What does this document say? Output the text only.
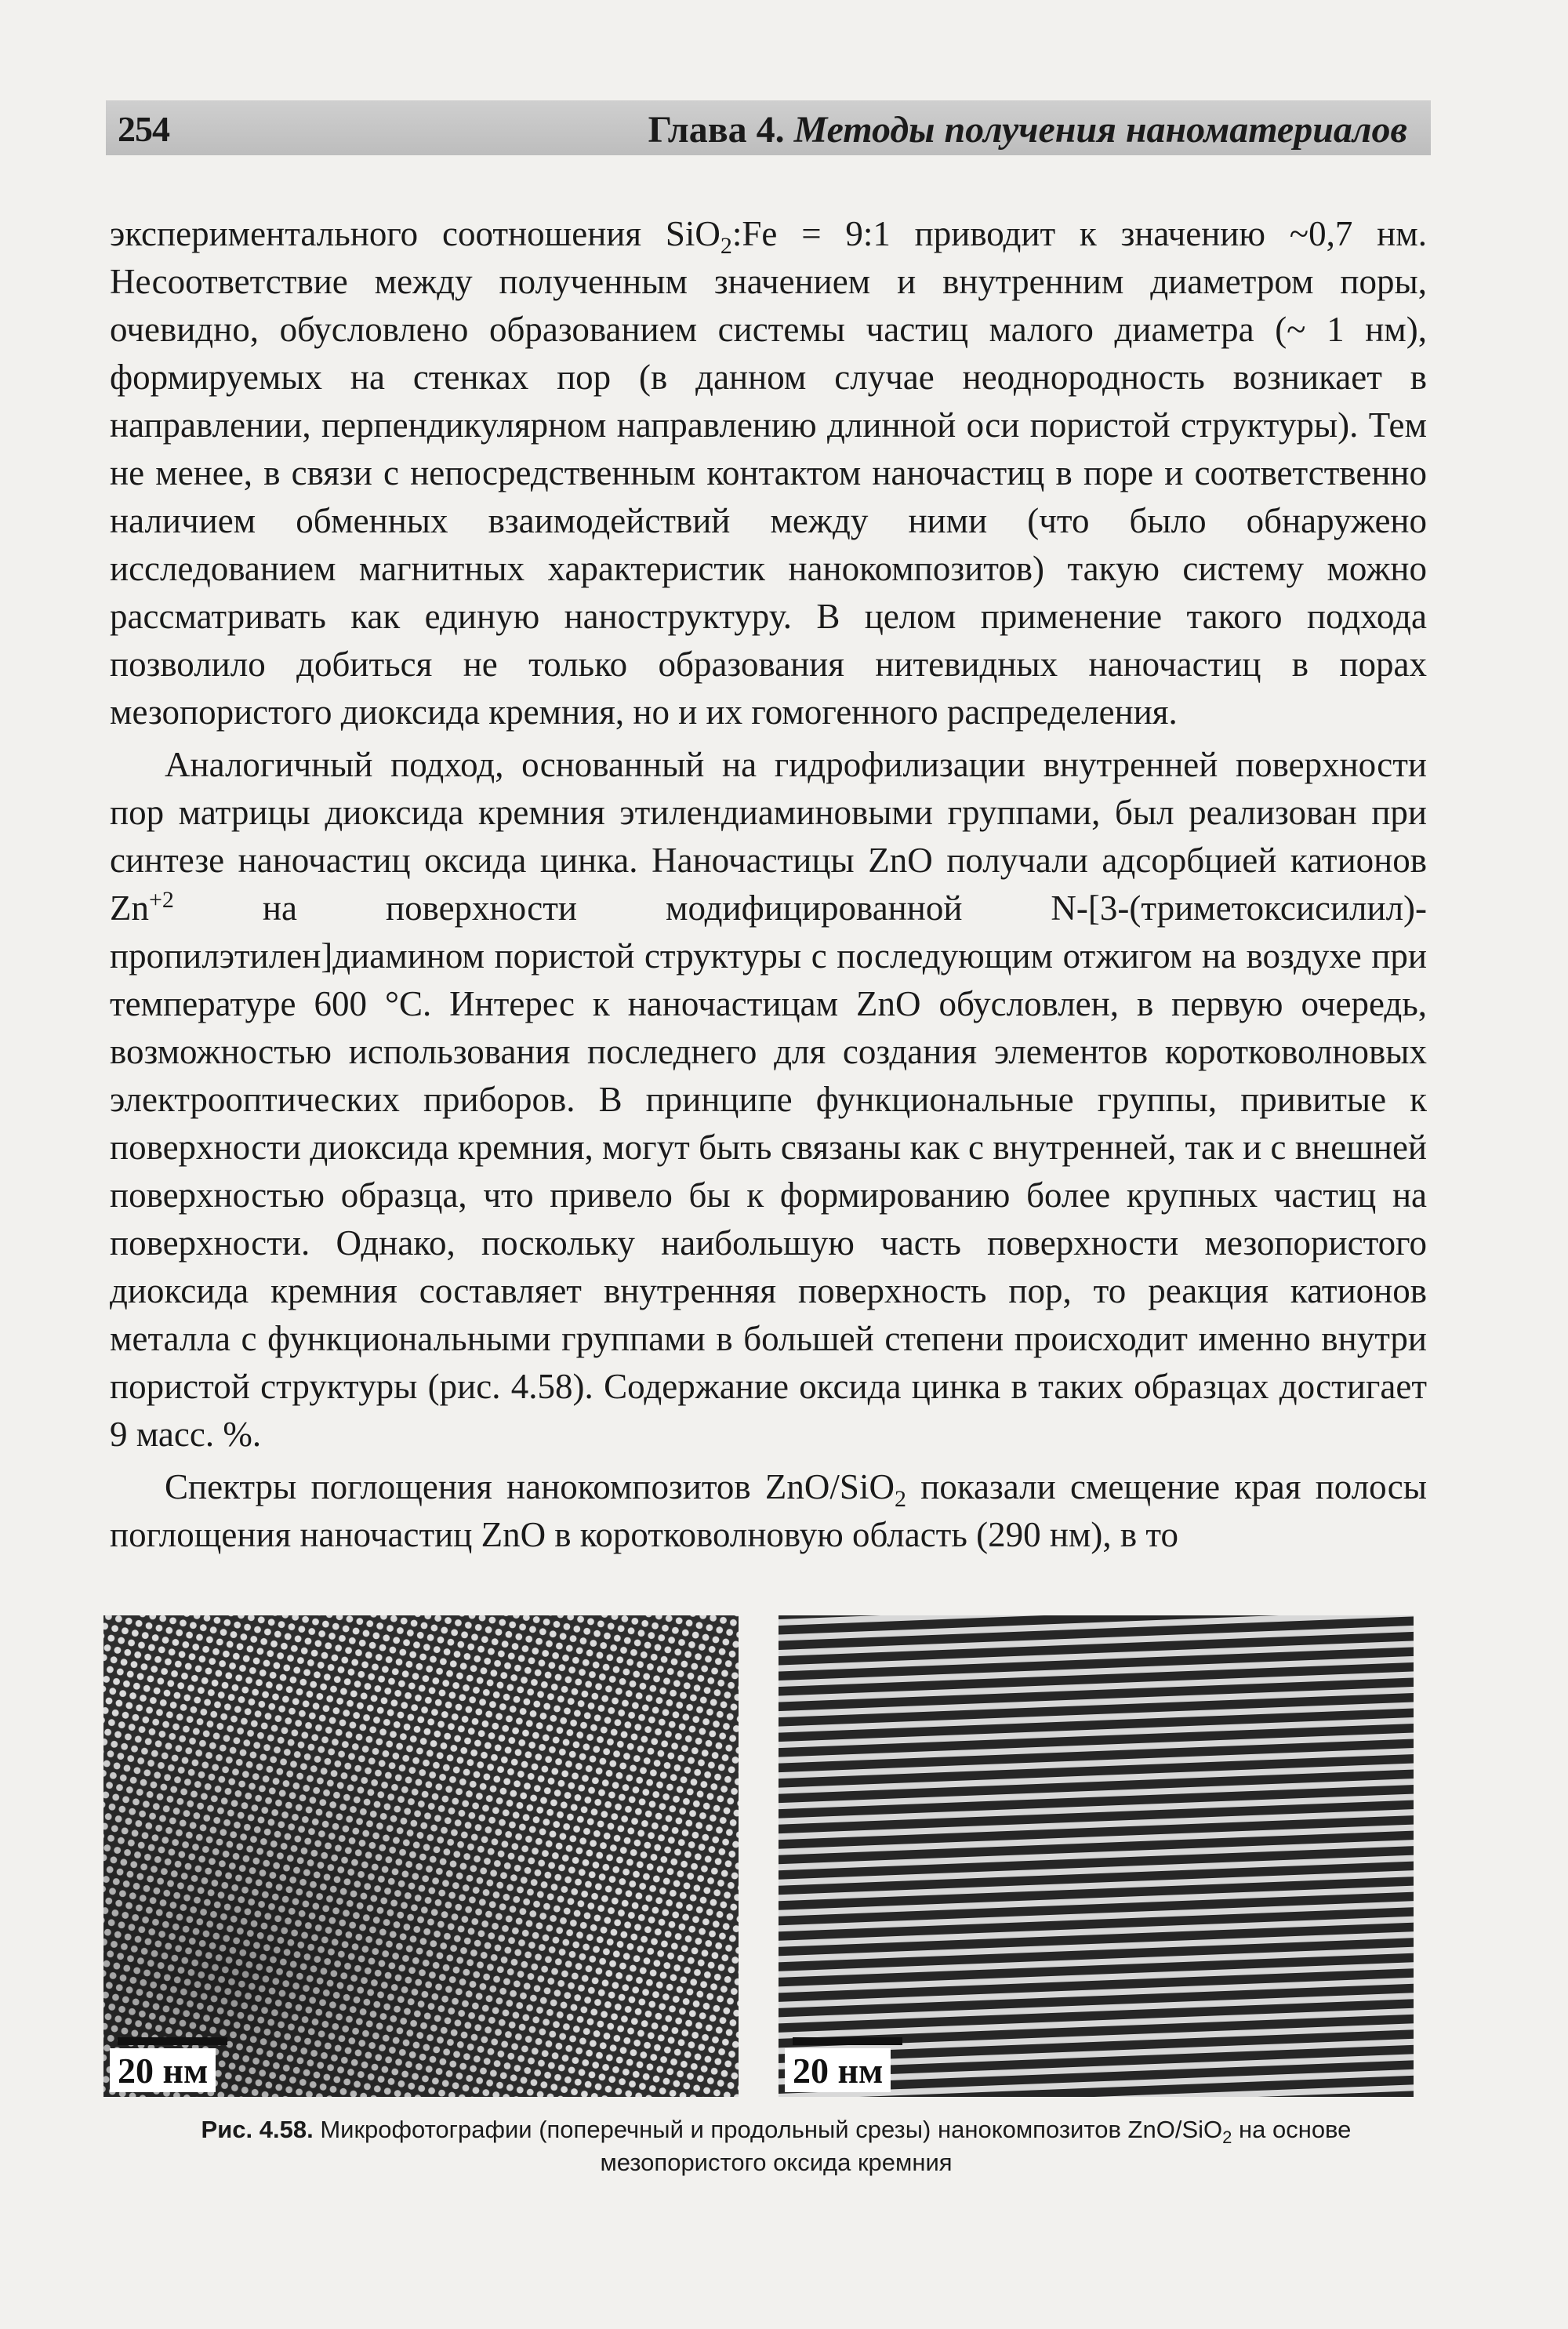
254	Глава 4. Методы получения наноматериалов

экспериментального соотношения SiO$_2$:Fe = 9:1 приводит к значению ~0,7 нм. Несоответствие между полученным значением и внутренним диаметром поры, очевидно, обусловлено образованием системы частиц малого диаметра (~ 1 нм), формируемых на стенках пор (в данном случае неоднородность возникает в направлении, перпендикулярном направлению длинной оси пористой структуры). Тем не менее, в связи с непосредственным контактом наночастиц в поре и соответственно наличием обменных взаимодействий между ними (что было обнаружено исследованием магнитных характеристик нанокомпозитов) такую систему можно рассматривать как единую наноструктуру. В целом применение такого подхода позволило добиться не только образования нитевидных наночастиц в порах мезопористого диоксида кремния, но и их гомогенного распределения.

Аналогичный подход, основанный на гидрофилизации внутренней поверхности пор матрицы диоксида кремния этилендиаминовыми группами, был реализован при синтезе наночастиц оксида цинка. Наночастицы ZnO получали адсорбцией катионов $Zn^{+2}$ на поверхности модифицированной N-[3-(триметоксисилил)-пропилэтилен]диамином пористой структуры с последующим отжигом на воздухе при температуре 600 °С. Интерес к наночастицам ZnO обусловлен, в первую очередь, возможностью использования последнего для создания элементов коротковолновых электрооптических приборов. В принципе функциональные группы, привитые к поверхности диоксида кремния, могут быть связаны как с внутренней, так и с внешней поверхностью образца, что привело бы к формированию более крупных частиц на поверхности. Однако, поскольку наибольшую часть поверхности мезопористого диоксида кремния составляет внутренняя поверхность пор, то реакция катионов металла с функциональными группами в большей степени происходит именно внутри пористой структуры (рис. 4.58). Содержание оксида цинка в таких образцах достигает 9 масс. %.

Спектры поглощения нанокомпозитов ZnO/SiO$_2$ показали смещение края полосы поглощения наночастиц ZnO в коротковолновую область (290 нм), в то

20 нм	20 нм
Рис. 4.58. Микрофотографии (поперечный и продольный срезы) нанокомпозитов ZnO/SiO$_2$ на основе мезопористого оксида кремния
